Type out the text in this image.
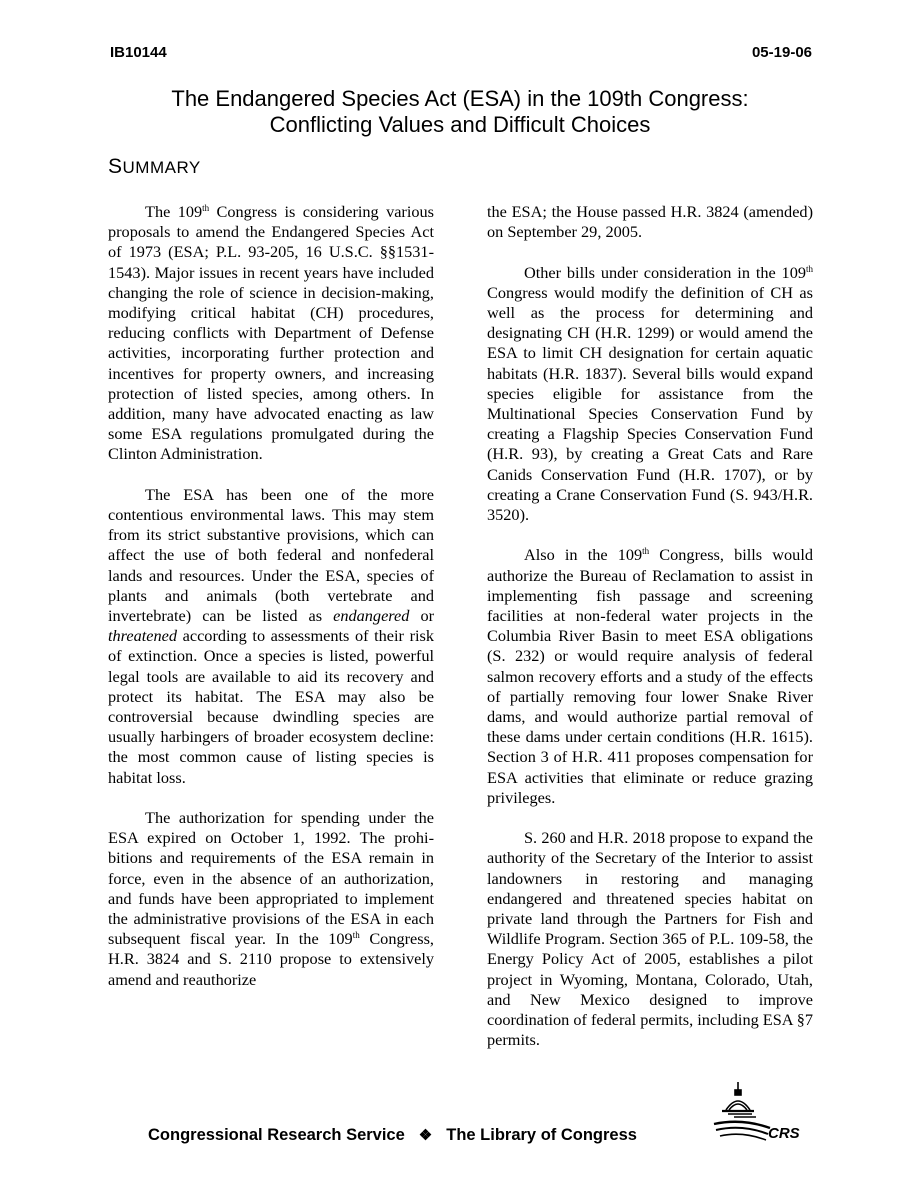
IB10144	05-19-06
The Endangered Species Act (ESA) in the 109th Congress:
Conflicting Values and Difficult Choices
SUMMARY

The 109th Congress is considering various proposals to amend the Endangered Species Act of 1973 (ESA; P.L. 93-205, 16 U.S.C. §§1531-1543). Major issues in recent years have included changing the role of science in decision-making, modifying critical habitat (CH) procedures, reducing conflicts with Department of Defense activities, incorporating further protection and incentives for property owners, and increasing protection of listed species, among others. In addition, many have advocated enacting as law some ESA regulations promulgated during the Clinton Administration.

The ESA has been one of the more contentious environmental laws. This may stem from its strict substantive provisions, which can affect the use of both federal and nonfederal lands and resources. Under the ESA, species of plants and animals (both vertebrate and invertebrate) can be listed as endangered or threatened according to assessments of their risk of extinction. Once a species is listed, powerful legal tools are available to aid its recovery and protect its habitat. The ESA may also be controversial because dwindling species are usually harbingers of broader ecosystem decline: the most common cause of listing species is habitat loss.

The authorization for spending under the ESA expired on October 1, 1992. The prohi-bitions and requirements of the ESA remain in force, even in the absence of an authorization, and funds have been appropriated to implement the administrative provisions of the ESA in each subsequent fiscal year. In the 109th Congress, H.R. 3824 and S. 2110 propose to extensively amend and reauthorize

the ESA; the House passed H.R. 3824 (amended) on September 29, 2005.

Other bills under consideration in the 109th Congress would modify the definition of CH as well as the process for determining and designating CH (H.R. 1299) or would amend the ESA to limit CH designation for certain aquatic habitats (H.R. 1837). Several bills would expand species eligible for assistance from the Multinational Species Conservation Fund by creating a Flagship Species Conservation Fund (H.R. 93), by creating a Great Cats and Rare Canids Conservation Fund (H.R. 1707), or by creating a Crane Conservation Fund (S. 943/H.R. 3520).

Also in the 109th Congress, bills would authorize the Bureau of Reclamation to assist in implementing fish passage and screening facilities at non-federal water projects in the Columbia River Basin to meet ESA obligations (S. 232) or would require analysis of federal salmon recovery efforts and a study of the effects of partially removing four lower Snake River dams, and would authorize partial removal of these dams under certain conditions (H.R. 1615). Section 3 of H.R. 411 proposes compensation for ESA activities that eliminate or reduce grazing privileges.

S. 260 and H.R. 2018 propose to expand the authority of the Secretary of the Interior to assist landowners in restoring and managing endangered and threatened species habitat on private land through the Partners for Fish and Wildlife Program. Section 365 of P.L. 109-58, the Energy Policy Act of 2005, establishes a pilot project in Wyoming, Montana, Colorado, Utah, and New Mexico designed to improve coordination of federal permits, including ESA §7 permits.

Congressional Research Service ❖ The Library of Congress	CRS
